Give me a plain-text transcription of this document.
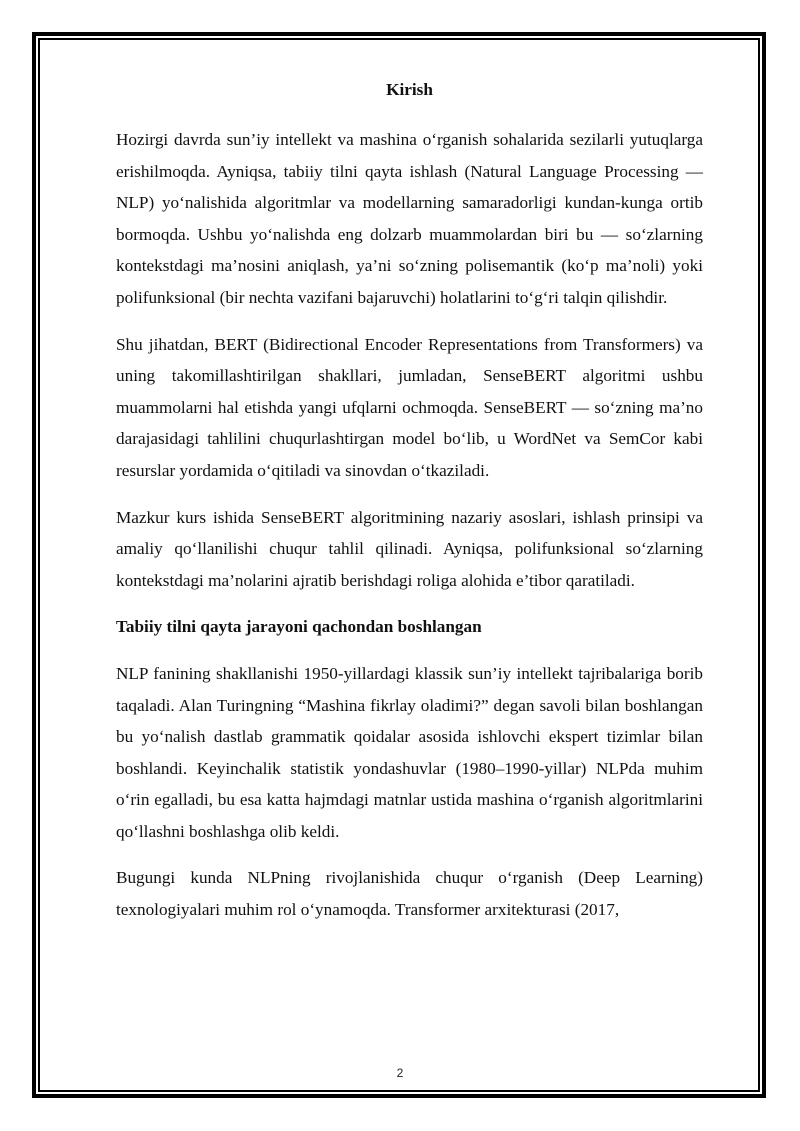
Kirish

Hozirgi davrda sun’iy intellekt va mashina o‘rganish sohalarida sezilarli yutuqlarga erishilmoqda. Ayniqsa, tabiiy tilni qayta ishlash (Natural Language Processing — NLP) yo‘nalishida algoritmlar va modellarning samaradorligi kundan-kunga ortib bormoqda. Ushbu yo‘nalishda eng dolzarb muammolardan biri bu — so‘zlarning kontekstdagi ma’nosini aniqlash, ya’ni so‘zning polisemantik (ko‘p ma’noli) yoki polifunksional (bir nechta vazifani bajaruvchi) holatlarini to‘g‘ri talqin qilishdir.

Shu jihatdan, BERT (Bidirectional Encoder Representations from Transformers) va uning takomillashtirilgan shakllari, jumladan, SenseBERT algoritmi ushbu muammolarni hal etishda yangi ufqlarni ochmoqda. SenseBERT — so‘zning ma’no darajasidagi tahlilini chuqurlashtirgan model bo‘lib, u WordNet va SemCor kabi resurslar yordamida o‘qitiladi va sinovdan o‘tkaziladi.

Mazkur kurs ishida SenseBERT algoritmining nazariy asoslari, ishlash prinsipi va amaliy qo‘llanilishi chuqur tahlil qilinadi. Ayniqsa, polifunksional so‘zlarning kontekstdagi ma’nolarini ajratib berishdagi roliga alohida e’tibor qaratiladi.

Tabiiy tilni qayta jarayoni qachondan boshlangan

NLP fanining shakllanishi 1950-yillardagi klassik sun’iy intellekt tajribalariga borib taqaladi. Alan Turingning “Mashina fikrlay oladimi?” degan savoli bilan boshlangan bu yo‘nalish dastlab grammatik qoidalar asosida ishlovchi ekspert tizimlar bilan boshlandi. Keyinchalik statistik yondashuvlar (1980–1990-yillar) NLPda muhim o‘rin egalladi, bu esa katta hajmdagi matnlar ustida mashina o‘rganish algoritmlarini qo‘llashni boshlashga olib keldi.

Bugungi kunda NLPning rivojlanishida chuqur o‘rganish (Deep Learning) texnologiyalari muhim rol o‘ynamoqda. Transformer arxitekturasi (2017,

2
